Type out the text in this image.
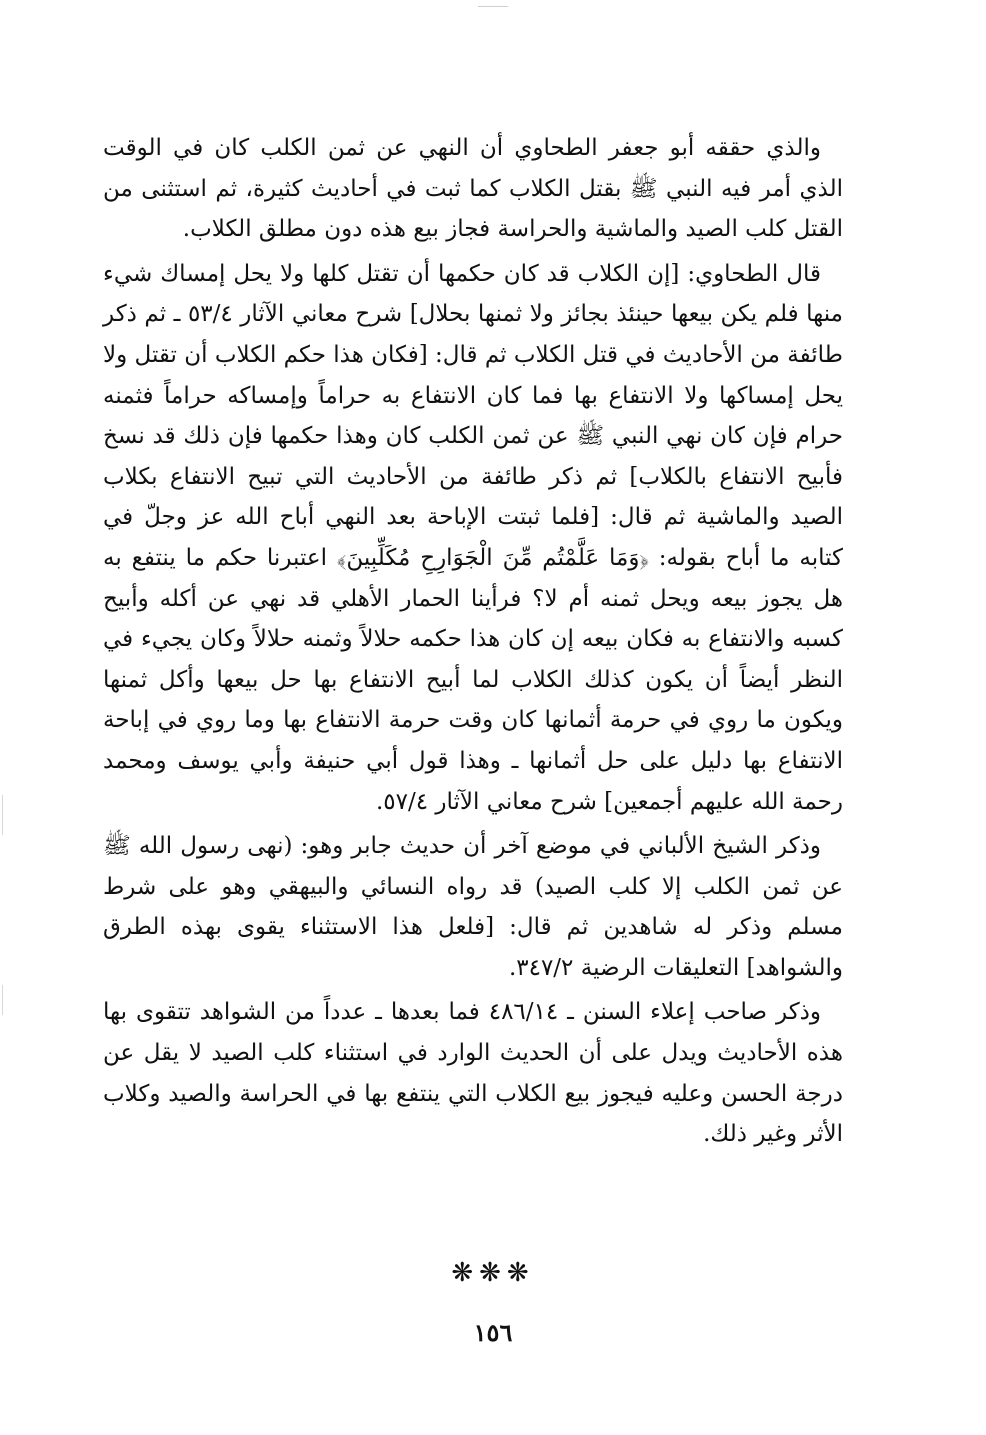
والذي حققه أبو جعفر الطحاوي أن النهي عن ثمن الكلب كان في الوقت الذي أمر فيه النبي ﷺ بقتل الكلاب كما ثبت في أحاديث كثيرة، ثم استثنى من القتل كلب الصيد والماشية والحراسة فجاز بيع هذه دون مطلق الكلاب.

قال الطحاوي: [إن الكلاب قد كان حكمها أن تقتل كلها ولا يحل إمساك شيء منها فلم يكن بيعها حينئذ بجائز ولا ثمنها بحلال] شرح معاني الآثار ٥٣/٤ ـ ثم ذكر طائفة من الأحاديث في قتل الكلاب ثم قال: [فكان هذا حكم الكلاب أن تقتل ولا يحل إمساكها ولا الانتفاع بها فما كان الانتفاع به حراماً وإمساكه حراماً فثمنه حرام فإن كان نهي النبي ﷺ عن ثمن الكلب كان وهذا حكمها فإن ذلك قد نسخ فأبيح الانتفاع بالكلاب] ثم ذكر طائفة من الأحاديث التي تبيح الانتفاع بكلاب الصيد والماشية ثم قال: [فلما ثبتت الإباحة بعد النهي أباح الله عز وجلّ في كتابه ما أباح بقوله: ﴿وَمَا عَلَّمْتُم مِّنَ الْجَوَارِحِ مُكَلِّبِينَ﴾ اعتبرنا حكم ما ينتفع به هل يجوز بيعه ويحل ثمنه أم لا؟ فرأينا الحمار الأهلي قد نهي عن أكله وأبيح كسبه والانتفاع به فكان بيعه إن كان هذا حكمه حلالاً وثمنه حلالاً وكان يجيء في النظر أيضاً أن يكون كذلك الكلاب لما أبيح الانتفاع بها حل بيعها وأكل ثمنها ويكون ما روي في حرمة أثمانها كان وقت حرمة الانتفاع بها وما روي في إباحة الانتفاع بها دليل على حل أثمانها ـ وهذا قول أبي حنيفة وأبي يوسف ومحمد رحمة الله عليهم أجمعين] شرح معاني الآثار ٥٧/٤.

وذكر الشيخ الألباني في موضع آخر أن حديث جابر وهو: (نهى رسول الله ﷺ عن ثمن الكلب إلا كلب الصيد) قد رواه النسائي والبيهقي وهو على شرط مسلم وذكر له شاهدين ثم قال: [فلعل هذا الاستثناء يقوى بهذه الطرق والشواهد] التعليقات الرضية ٣٤٧/٢.

وذكر صاحب إعلاء السنن ـ ٤٨٦/١٤ فما بعدها ـ عدداً من الشواهد تتقوى بها هذه الأحاديث ويدل على أن الحديث الوارد في استثناء كلب الصيد لا يقل عن درجة الحسن وعليه فيجوز بيع الكلاب التي ينتفع بها في الحراسة والصيد وكلاب الأثر وغير ذلك.

❋❋❋
١٥٦
